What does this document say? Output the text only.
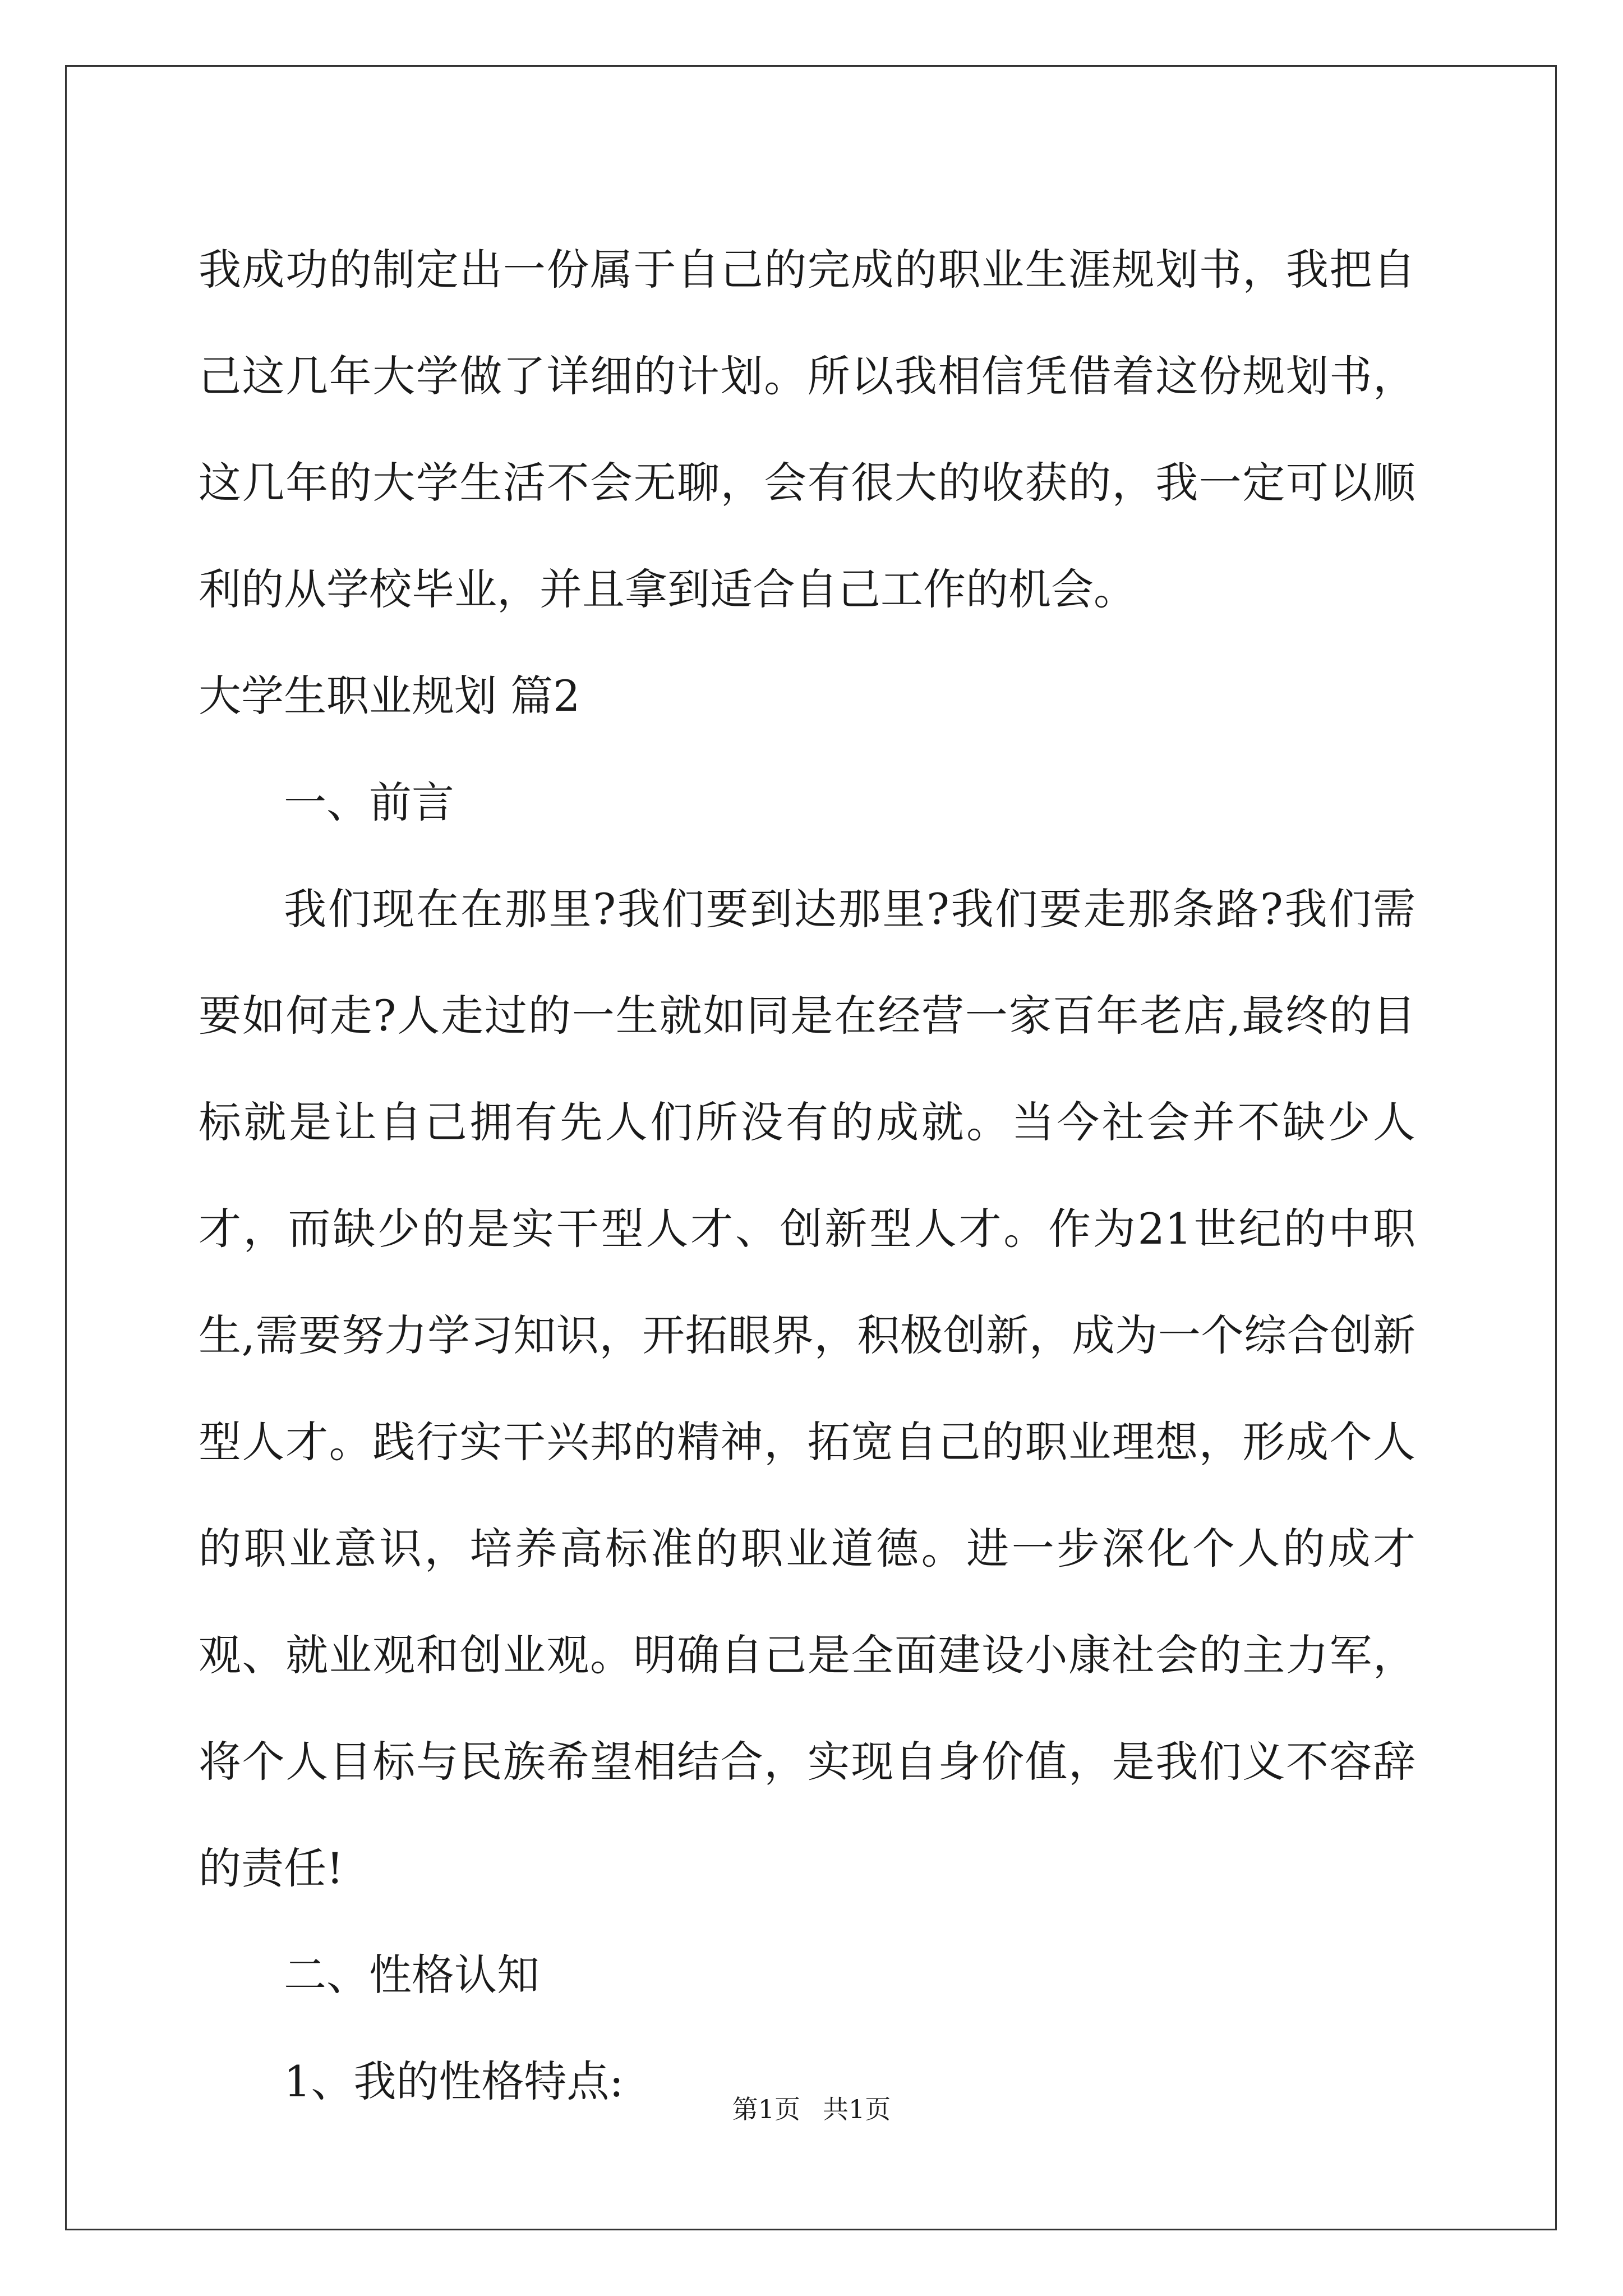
我成功的制定出一份属于自己的完成的职业生涯规划书，我把自己这几年大学做了详细的计划。所以我相信凭借着这份规划书，这几年的大学生活不会无聊，会有很大的收获的，我一定可以顺利的从学校毕业，并且拿到适合自己工作的机会。

大学生职业规划 篇2

一、前言

我们现在在那里?我们要到达那里?我们要走那条路?我们需要如何走?人走过的一生就如同是在经营一家百年老店,最终的目标就是让自己拥有先人们所没有的成就。当今社会并不缺少人才，而缺少的是实干型人才、创新型人才。作为21世纪的中职生,需要努力学习知识，开拓眼界，积极创新，成为一个综合创新型人才。践行实干兴邦的精神，拓宽自己的职业理想，形成个人的职业意识，培养高标准的职业道德。进一步深化个人的成才观、就业观和创业观。明确自己是全面建设小康社会的主力军，将个人目标与民族希望相结合，实现自身价值，是我们义不容辞的责任!

二、性格认知

1、我的性格特点:

第1页 共1页
